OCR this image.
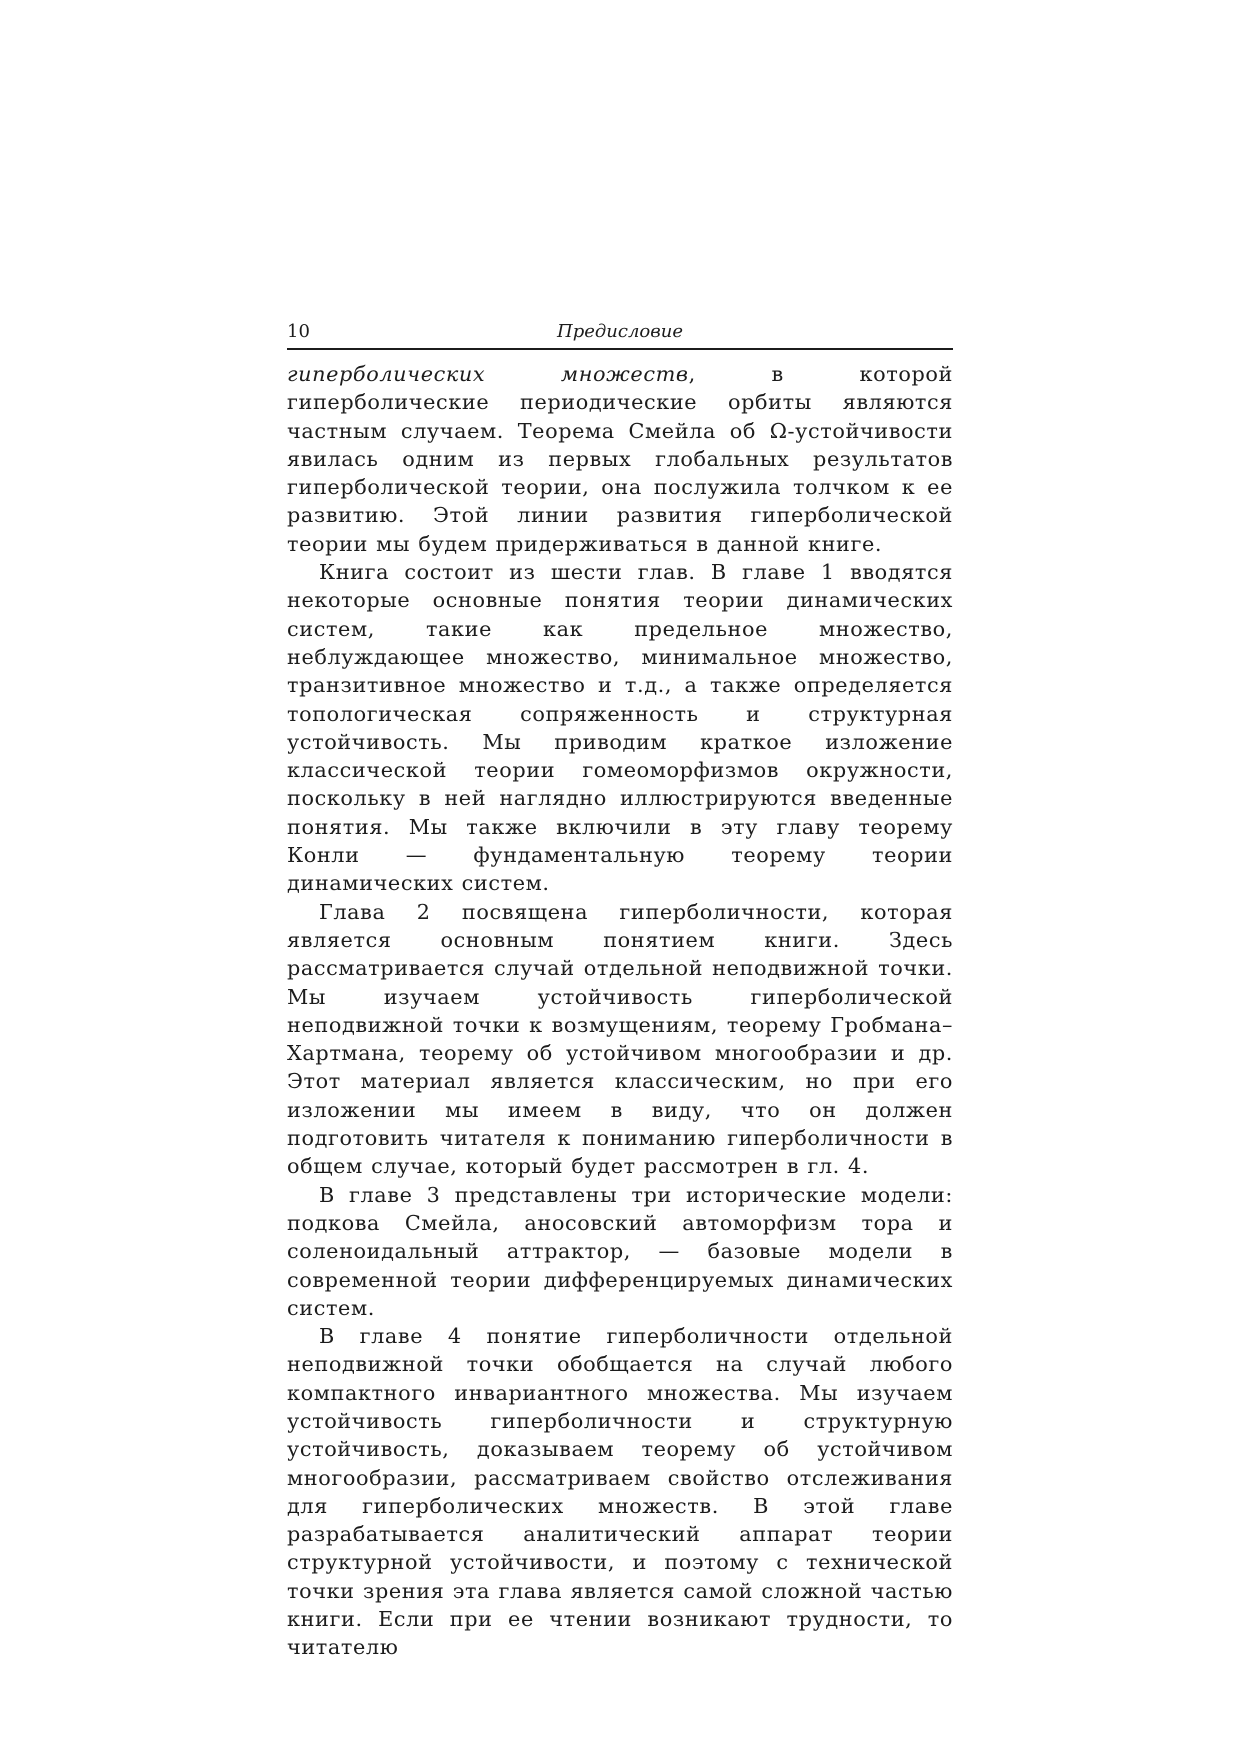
10	Предисловие

гиперболических множеств, в которой гиперболические периодические орбиты являются частным случаем. Теорема Смейла об Ω-устойчивости явилась одним из первых глобальных результатов гиперболической теории, она послужила толчком к ее развитию. Этой линии развития гиперболической теории мы будем придерживаться в данной книге.

Книга состоит из шести глав. В главе 1 вводятся некоторые основные понятия теории динамических систем, такие как предельное множество, неблуждающее множество, минимальное множество, транзитивное множество и т.д., а также определяется топологическая сопряженность и структурная устойчивость. Мы приводим краткое изложение классической теории гомеоморфизмов окружности, поскольку в ней наглядно иллюстрируются введенные понятия. Мы также включили в эту главу теорему Конли — фундаментальную теорему теории динамических систем.

Глава 2 посвящена гиперболичности, которая является основным понятием книги. Здесь рассматривается случай отдельной неподвижной точки. Мы изучаем устойчивость гиперболической неподвижной точки к возмущениям, теорему Гробмана–Хартмана, теорему об устойчивом многообразии и др. Этот материал является классическим, но при его изложении мы имеем в виду, что он должен подготовить читателя к пониманию гиперболичности в общем случае, который будет рассмотрен в гл. 4.

В главе 3 представлены три исторические модели: подкова Смейла, аносовский автоморфизм тора и соленоидальный аттрактор, — базовые модели в современной теории дифференцируемых динамических систем.

В главе 4 понятие гиперболичности отдельной неподвижной точки обобщается на случай любого компактного инвариантного множества. Мы изучаем устойчивость гиперболичности и структурную устойчивость, доказываем теорему об устойчивом многообразии, рассматриваем свойство отслеживания для гиперболических множеств. В этой главе разрабатывается аналитический аппарат теории структурной устойчивости, и поэтому с технической точки зрения эта глава является самой сложной частью книги. Если при ее чтении возникают трудности, то читателю
